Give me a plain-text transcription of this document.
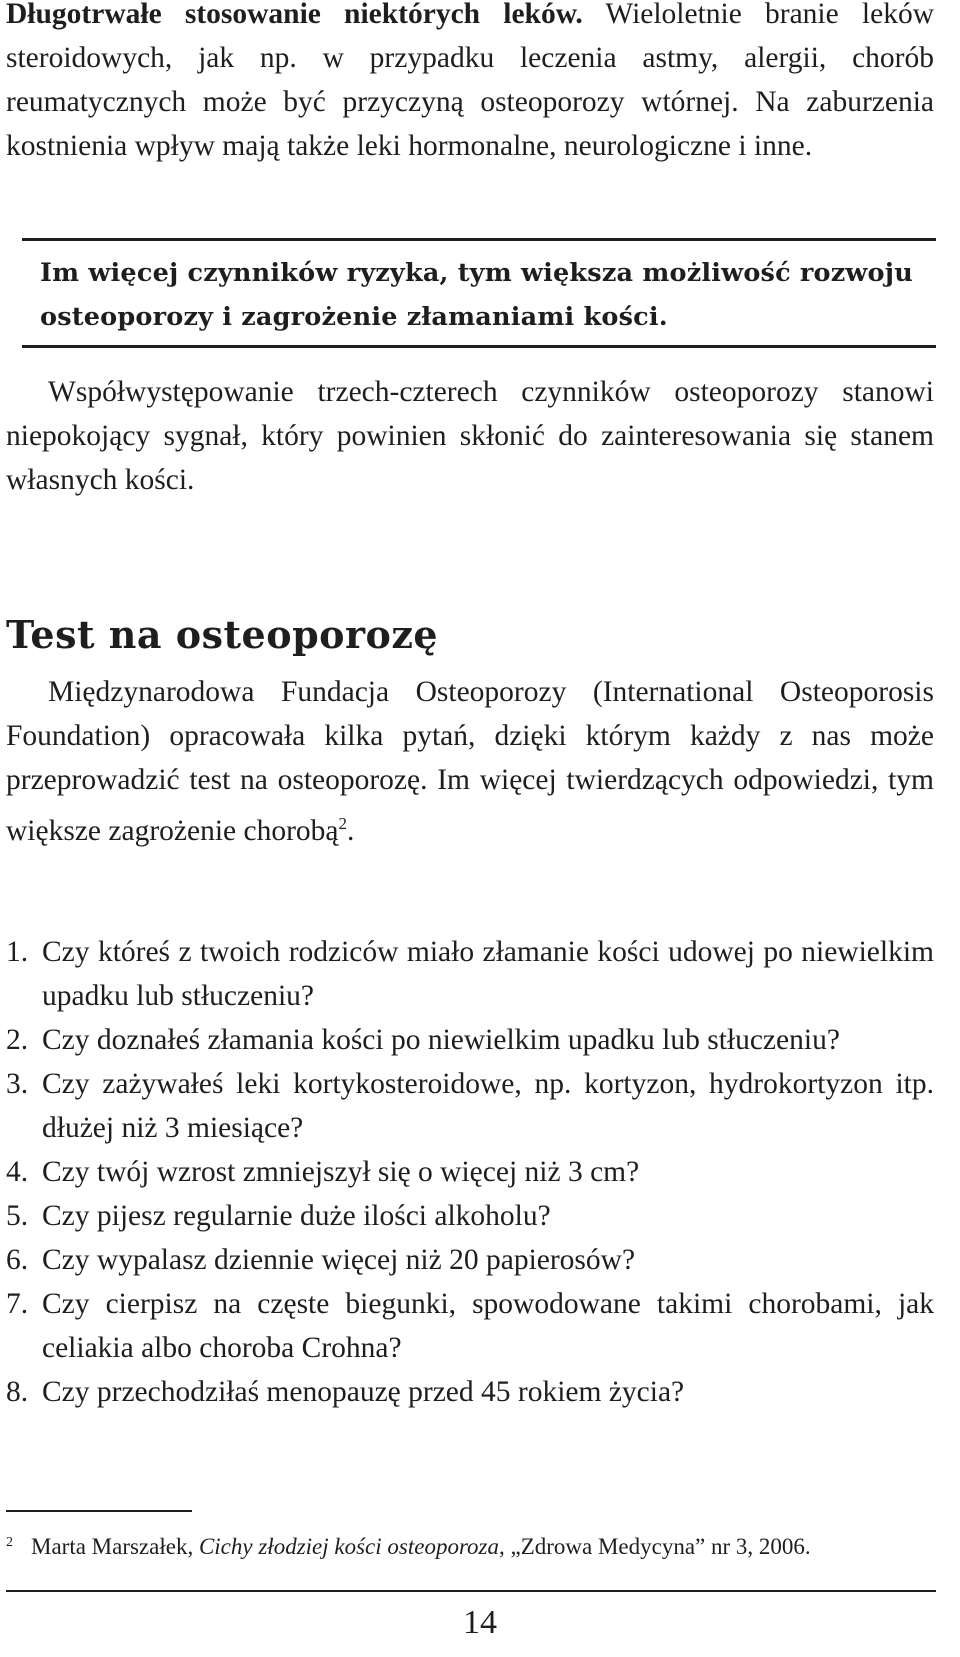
Długotrwałe stosowanie niektórych leków. Wieloletnie branie leków steroidowych, jak np. w przypadku leczenia astmy, alergii, chorób reumatycznych może być przyczyną osteoporozy wtórnej. Na zaburzenia kostnienia wpływ mają także leki hormonalne, neurologiczne i inne.

Im więcej czynników ryzyka, tym większa możliwość rozwoju osteoporozy i zagrożenie złamaniami kości.

Współwystępowanie trzech-czterech czynników osteoporozy stanowi niepokojący sygnał, który powinien skłonić do zainteresowania się stanem własnych kości.

Test na osteoporozę

Międzynarodowa Fundacja Osteoporozy (International Osteoporosis Foundation) opracowała kilka pytań, dzięki którym każdy z nas może przeprowadzić test na osteoporozę. Im więcej twierdzących odpowiedzi, tym większe zagrożenie chorobą$^2$.

1. Czy któreś z twoich rodziców miało złamanie kości udowej po niewielkim upadku lub stłuczeniu?
2. Czy doznałeś złamania kości po niewielkim upadku lub stłuczeniu?
3. Czy zażywałeś leki kortykosteroidowe, np. kortyzon, hydrokortyzon itp. dłużej niż 3 miesiące?
4. Czy twój wzrost zmniejszył się o więcej niż 3 cm?
5. Czy pijesz regularnie duże ilości alkoholu?
6. Czy wypalasz dziennie więcej niż 20 papierosów?
7. Czy cierpisz na częste biegunki, spowodowane takimi chorobami, jak celiakia albo choroba Crohna?
8. Czy przechodziłaś menopauzę przed 45 rokiem życia?
$^2$ Marta Marszałek, Cichy złodziej kości osteoporoza, „Zdrowa Medycyna” nr 3, 2006.
14
